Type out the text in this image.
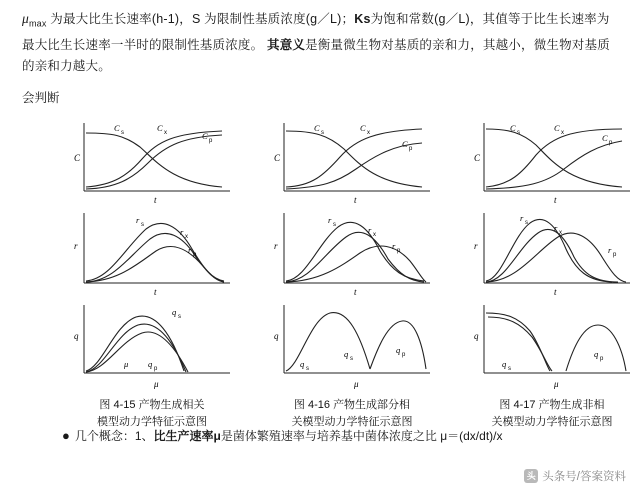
$\mu_{max}$ 为最大比生长速率(h-1)，S 为限制性基质浓度(g／L)；Ks为饱和常数(g／L)，其值等于比生长速率为最大比生长速率一半时的限制性基质浓度。 其意义是衡量微生物对基质的亲和力，其越小，微生物对基质的亲和力越大。

会判断

C
t
C s	C x	C p
C
t
C s	C x
C p
C
t
C s	C x	C p
r
t
r s
r x
r p
r
t
r s	r x
r p	r
t
r s	r x
r p
q
μ
q s
μ q p
q
μ
q s
q s
q p
q
μ
q s
q p
图 4-15 产物生成相关
模型动力学特征示意图
图 4-16 产物生成部分相
关模型动力学特征示意图
图 4-17 产物生成非相
关模型动力学特征示意图
● 几个概念：1、比生产速率μ是菌体繁殖速率与培养基中菌体浓度之比 μ＝(dx/dt)/x
头 头条号/答案资料
